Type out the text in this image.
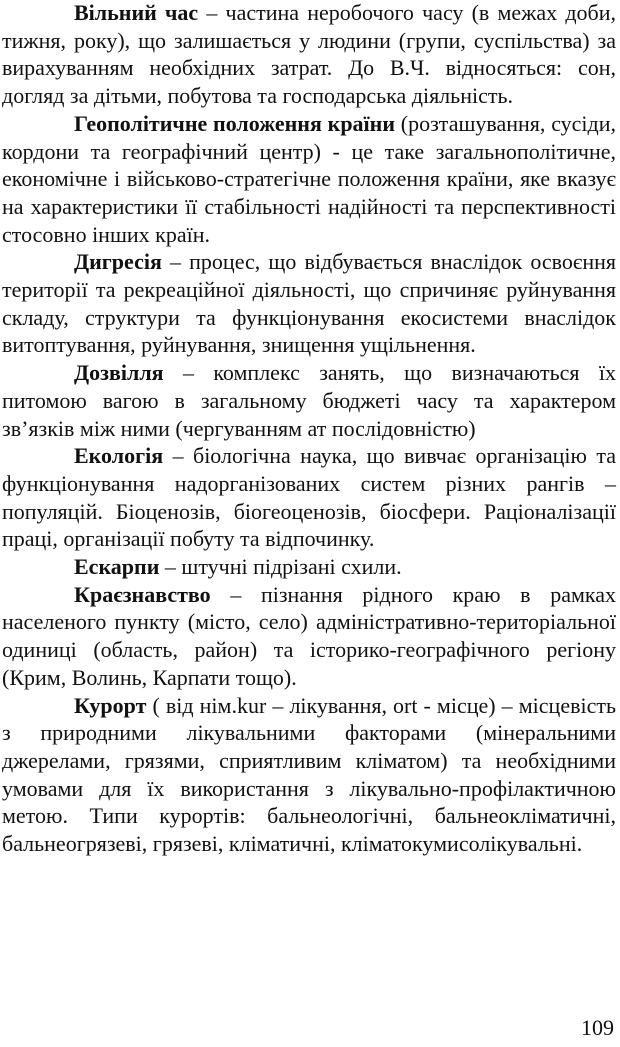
Вільний час – частина неробочого часу (в межах доби, тижня, року), що залишається у людини (групи, суспільства) за вирахуванням необхідних затрат. До В.Ч. відносяться: сон, догляд за дітьми, побутова та господарська діяльність.

Геополітичне положення країни (розташування, сусіди, кордони та географічний центр) - це таке загальнополітичне, економічне і військово-стратегічне положення країни, яке вказує на характеристики її стабільності надійності та перспективності стосовно інших країн.

Дигресія – процес, що відбувається внаслідок освоєння території та рекреаційної діяльності, що спричиняє руйнування складу, структури та функціонування екосистеми внаслідок витоптування, руйнування, знищення ущільнення.

Дозвілля – комплекс занять, що визначаються їх питомою вагою в загальному бюджеті часу та характером зв’язків між ними (чергуванням ат послідовністю)

Екологія – біологічна наука, що вивчає організацію та функціонування надорганізованих систем різних рангів – популяцій. Біоценозів, біогеоценозів, біосфери. Раціоналізації праці, організації побуту та відпочинку.

Ескарпи – штучні підрізані схили.

Краєзнавство – пізнання рідного краю в рамках населеного пункту (місто, село) адміністративно-територіальної одиниці (область, район) та історико-географічного регіону (Крим, Волинь, Карпати тощо).

Курорт ( від нім.kur – лікування, ort - місце) – місцевість з природними лікувальними факторами (мінеральними джерелами, грязями, сприятливим кліматом) та необхідними умовами для їх використання з лікувально-профілактичною метою. Типи курортів: бальнеологічні, бальнеокліматичні, бальнеогрязеві, грязеві, кліматичні, кліматокумисолікувальні.

109
